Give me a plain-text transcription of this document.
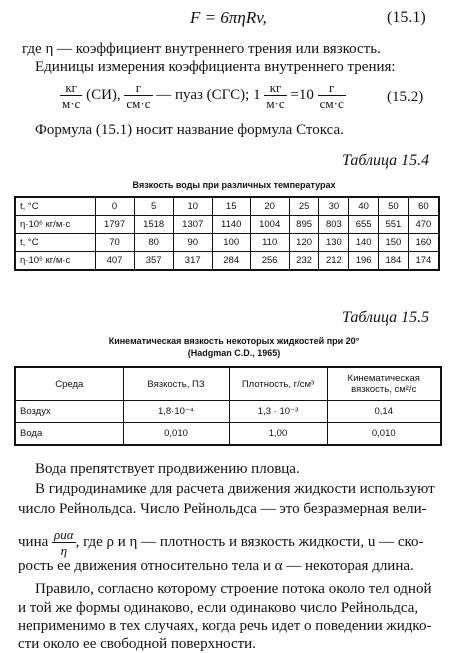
F = 6πηRv,	(15.1)
где η — коэффициент внутреннего трения или вязкость.
Единицы измерения коэффициента внутреннего трения:
$\frac{кг}{м\cdot с} (СИ)$, $\frac{г}{см\cdot с}$ — пуаз (СГС); $1 \frac{кг}{м\cdot с} =10 \frac{г}{см\cdot с}$	(15.2)
Формула (15.1) носит название формула Стокса.
Таблица 15.4
Вязкость воды при различных температурах
t, °C	0	5	10	15	20	25	30	40	50	60
η·10⁶ кг/м·с	1797	1518	1307	1140	1004	895	803	655	551	470
t, °C	70	80	90	100	110	120	130	140	150	160
η·10⁶ кг/м·с	407	357	317	284	256	232	212	196	184	174
Таблица 15.5
Кинематическая вязкость некоторых жидкостей при 20°
(Hadgman C.D., 1965)
Среда	Вязкость, ПЗ	Плотность, г/см³	Кинематическая вязкость, см²/с
Воздух	1,8·10⁻⁴	1,3 · 10⁻³	0,14
Вода	0,010	1,00	0,010
Вода препятствует продвижению пловца.
В гидродинамике для расчета движения жидкости используют
число Рейнольдса. Число Рейнольдса — это безразмерная вели-
чина $\frac{\text{ρuα}}{\eta}$ , где ρ и η — плотность и вязкость жидкости, u — ско-
рость ее движения относительно тела и α — некоторая длина.
Правило, согласно которому строение потока около тел одной
и той же формы одинаково, если одинаково число Рейнольдса,
неприменимо в тех случаях, когда речь идет о поведении жидко-
сти около ее свободной поверхности.
